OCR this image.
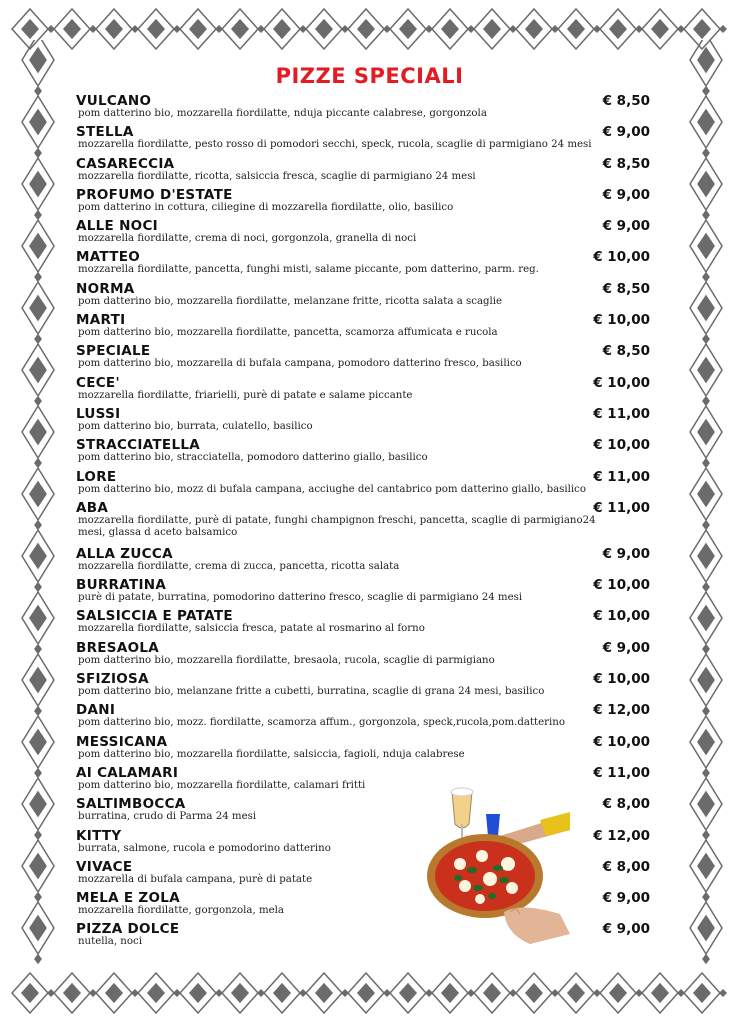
PIZZE SPECIALI
VULCANO	€ 8,50
pom datterino bio, mozzarella fiordilatte, nduja piccante calabrese, gorgonzola
STELLA	€ 9,00
mozzarella fiordilatte, pesto rosso di pomodori secchi, speck, rucola, scaglie di parmigiano 24 mesi
CASARECCIA	€ 8,50
mozzarella fiordilatte, ricotta, salsiccia fresca, scaglie di parmigiano 24 mesi
PROFUMO D'ESTATE	€ 9,00
pom datterino in cottura, ciliegine di mozzarella fiordilatte, olio, basilico
ALLE NOCI	€ 9,00
mozzarella fiordilatte, crema di noci, gorgonzola, granella di noci
MATTEO	€ 10,00
mozzarella fiordilatte, pancetta, funghi misti, salame piccante, pom datterino, parm. reg.
NORMA	€ 8,50
pom datterino bio, mozzarella fiordilatte, melanzane fritte, ricotta salata a scaglie
MARTI	€ 10,00
pom datterino bio, mozzarella fiordilatte, pancetta, scamorza affumicata e rucola
SPECIALE	€ 8,50
pom datterino bio, mozzarella di bufala campana, pomodoro datterino fresco, basilico
CECE'	€ 10,00
mozzarella fiordilatte, friarielli, purè di patate e salame piccante
LUSSI	€ 11,00
pom datterino bio, burrata, culatello, basilico
STRACCIATELLA	€ 10,00
pom datterino bio, stracciatella, pomodoro datterino giallo, basilico
LORE	€ 11,00
pom datterino bio, mozz di bufala campana, acciughe del cantabrico pom datterino giallo, basilico
ABA	€ 11,00
mozzarella fiordilatte, purè di patate, funghi champignon freschi, pancetta, scaglie di parmigiano24 mesi, glassa d aceto balsamico
ALLA ZUCCA	€ 9,00
mozzarella fiordilatte, crema di zucca, pancetta, ricotta salata
BURRATINA	€ 10,00
purè di patate, burratina, pomodorino datterino fresco, scaglie di parmigiano 24 mesi
SALSICCIA E PATATE	€ 10,00
mozzarella fiordilatte, salsiccia fresca, patate al rosmarino al forno
BRESAOLA	€ 9,00
pom datterino bio, mozzarella fiordilatte, bresaola, rucola, scaglie di parmigiano
SFIZIOSA	€ 10,00
pom datterino bio, melanzane fritte a cubetti, burratina, scaglie di grana 24 mesi, basilico
DANI	€ 12,00
pom datterino bio, mozz. fiordilatte, scamorza affum., gorgonzola, speck,rucola,pom.datterino
MESSICANA	€ 10,00
pom datterino bio, mozzarella fiordilatte, salsiccia, fagioli, nduja calabrese
AI CALAMARI	€ 11,00
pom datterino bio, mozzarella fiordilatte, calamari fritti
SALTIMBOCCA	€ 8,00
burratina, crudo di Parma 24 mesi
KITTY	€ 12,00
burrata, salmone, rucola e pomodorino datterino
VIVACE	€ 8,00
mozzarella di bufala campana, purè di patate
MELA E ZOLA	€ 9,00
mozzarella fiordilatte, gorgonzola, mela
PIZZA DOLCE	€ 9,00
nutella, noci
